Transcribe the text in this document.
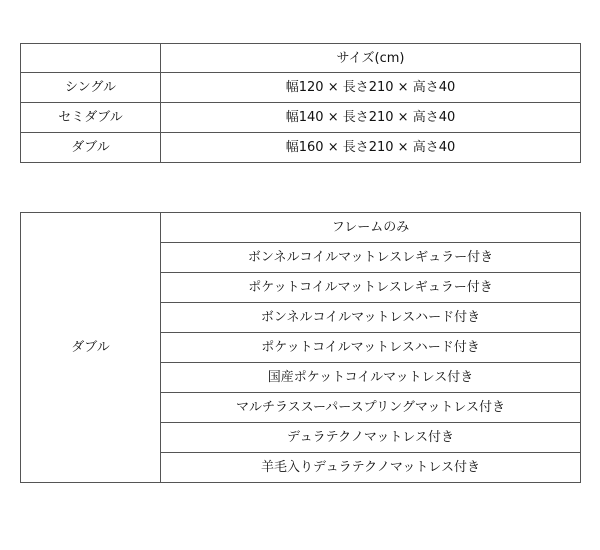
	サイズ(cm)
シングル	幅120 × 長さ210 × 高さ40
セミダブル	幅140 × 長さ210 × 高さ40
ダブル	幅160 × 長さ210 × 高さ40
ダブル	フレームのみ
ボンネルコイルマットレスレギュラー付き
ポケットコイルマットレスレギュラー付き
ボンネルコイルマットレスハード付き
ポケットコイルマットレスハード付き
国産ポケットコイルマットレス付き
マルチラススーパースプリングマットレス付き
デュラテクノマットレス付き
羊毛入りデュラテクノマットレス付き
